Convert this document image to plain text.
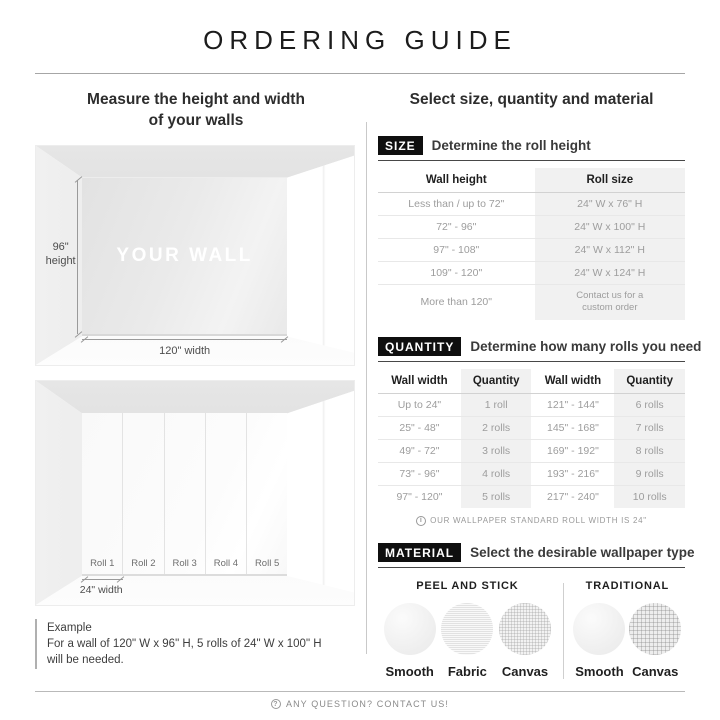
ORDERING GUIDE
Measure the height and width
of your walls
YOUR WALL
96"
height
120" width
Roll 1	Roll 2	Roll 3	Roll 4	Roll 5
24" width
Example
For a wall of 120" W x 96" H, 5 rolls of 24" W x 100" H
will be needed.
Select size, quantity and material
SIZE	Determine the roll height
Wall height	Roll size
Less than / up to 72"	24" W x 76" H
72" - 96"	24" W x 100" H
97" - 108"	24" W x 112" H
109" - 120"	24" W x 124" H
More than 120"	Contact us for a custom order
QUANTITY	Determine how many rolls you need
Wall width	Quantity	Wall width	Quantity
Up to 24"	1 roll	121" - 144"	6 rolls
25" - 48"	2 rolls	145" - 168"	7 rolls
49" - 72"	3 rolls	169" - 192"	8 rolls
73" - 96"	4 rolls	193" - 216"	9 rolls
97" - 120"	5 rolls	217" - 240"	10 rolls
i OUR WALLPAPER STANDARD ROLL WIDTH IS 24"
MATERIAL	Select the desirable wallpaper type
PEEL AND STICK
Smooth Fabric Canvas
TRADITIONAL
Smooth Canvas
? ANY QUESTION? CONTACT US!
